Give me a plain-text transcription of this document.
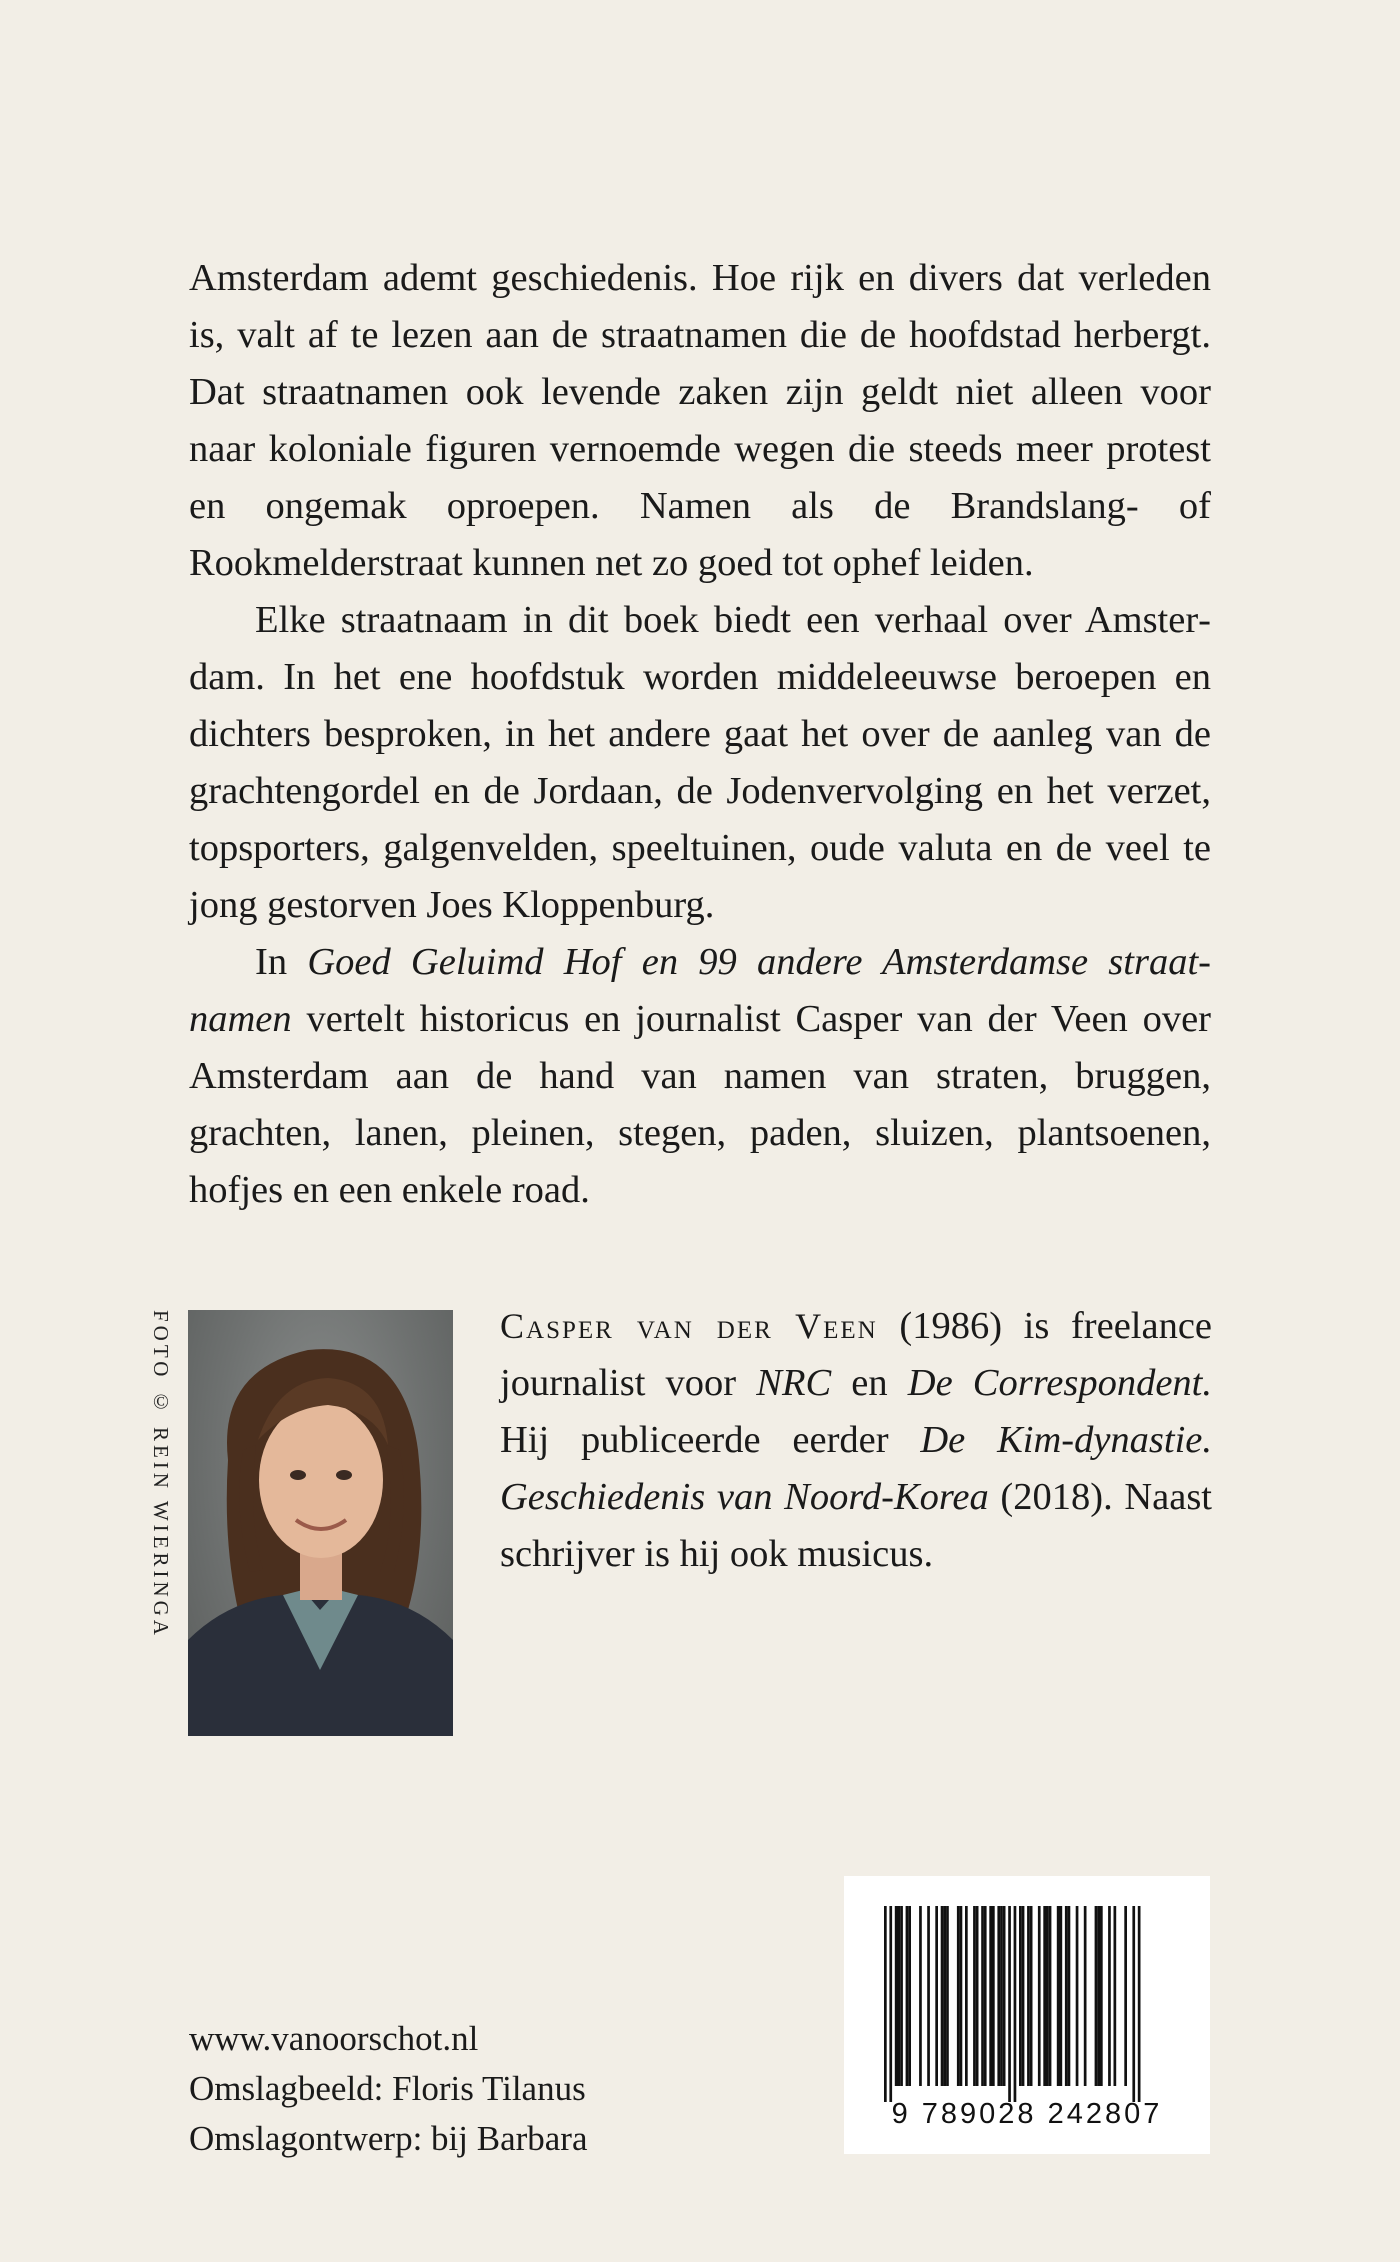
Amsterdam ademt geschiedenis. Hoe rijk en divers dat verleden is, valt af te lezen aan de straatnamen die de hoofdstad herbergt. Dat straatnamen ook levende zaken zijn geldt niet alleen voor naar koloniale figuren vernoemde wegen die steeds meer protest en ongemak oproepen. Namen als de Brandslang- of Rookmelderstraat kunnen net zo goed tot ophef leiden.

Elke straatnaam in dit boek biedt een verhaal over Amsterdam. In het ene hoofdstuk worden middeleeuwse beroepen en dichters besproken, in het andere gaat het over de aanleg van de grachtengordel en de Jordaan, de Jodenvervolging en het verzet, topsporters, galgenvelden, speeltuinen, oude valuta en de veel te jong gestorven Joes Kloppenburg.

In Goed Geluimd Hof en 99 andere Amsterdamse straatnamen vertelt historicus en journalist Casper van der Veen over Amsterdam aan de hand van namen van straten, bruggen, grachten, lanen, pleinen, stegen, paden, sluizen, plantsoenen, hofjes en een enkele road.

FOTO © REIN WIERINGA	Casper van der Veen (1986) is freelance journalist voor NRC en De Correspondent. Hij publiceerde eerder De Kim-dynastie. Geschiedenis van Noord-Korea (2018). Naast schrijver is hij ook musicus.
www.vanoorschot.nl
Omslagbeeld: Floris Tilanus
Omslagontwerp: bij Barbara
9 789028 242807
